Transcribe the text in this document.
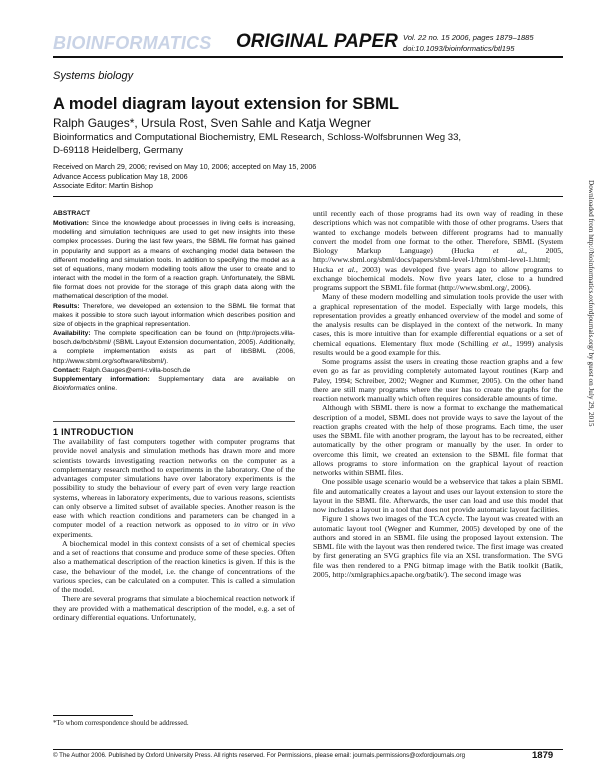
BIOINFORMATICS ORIGINAL PAPER Vol. 22 no. 15 2006, pages 1879–1885
doi:10.1093/bioinformatics/btl195
Systems biology
A model diagram layout extension for SBML
Ralph Gauges*, Ursula Rost, Sven Sahle and Katja Wegner
Bioinformatics and Computational Biochemistry, EML Research, Schloss-Wolfsbrunnen Weg 33,
D-69118 Heidelberg, Germany
Received on March 29, 2006; revised on May 10, 2006; accepted on May 15, 2006
Advance Access publication May 18, 2006
Associate Editor: Martin Bishop

ABSTRACT

Motivation: Since the knowledge about processes in living cells is increasing, modelling and simulation techniques are used to get new insights into these complex processes. During the last few years, the SBML file format has gained in popularity and support as a means of exchanging model data between the different modelling and simulation tools. In addition to specifying the model as a set of equations, many modern modelling tools allow the user to create and to interact with the model in the form of a reaction graph. Unfortunately, the SBML file format does not provide for the storage of this graph data along with the mathematical description of the model.

Results: Therefore, we developed an extension to the SBML file format that makes it possible to store such layout information which describes position and size of objects in the graphical representation.

Availability: The complete specification can be found on (http://projects.villa-bosch.de/bcb/sbml/ (SBML Layout Extension documentation, 2005). Additionally, a complete implementation exists as part of libSBML (2006, http://www.sbml.org/software/libsbml/).

Contact: Ralph.Gauges@eml-r.villa-bosch.de

Supplementary information: Supplementary data are available on Bioinformatics online.

1 INTRODUCTION

The availability of fast computers together with computer programs that provide novel analysis and simulation methods has drawn more and more scientists towards investigating reaction networks on the computer as a complementary research method to experiments in the laboratory. One of the advantages computer simulations have over laboratory experiments is the possibility to study the behaviour of every part of even very large reaction systems, whereas in laboratory experiments, due to various reasons, scientists can only observe a limited subset of available species. Another reason is the ease with which reaction conditions and parameters can be changed in a computer model of a reaction network as opposed to in vitro or in vivo experiments.

A biochemical model in this context consists of a set of chemical species and a set of reactions that consume and produce some of these species. Often also a mathematical description of the reaction kinetics is given. If this is the case, the behaviour of the model, i.e. the change of concentrations of the various species, can be calculated on a computer. This is called a simulation of the model.

There are several programs that simulate a biochemical reaction network if they are provided with a mathematical description of the model, e.g. a set of ordinary differential equations. Unfortunately,

*To whom correspondence should be addressed.

until recently each of those programs had its own way of reading in these descriptions which was not compatible with those of other programs. Users that wanted to exchange models between different programs had to manually convert the model from one format to the other. Therefore, SBML (System Biology Markup Language) (Hucka et al., 2005, http://www.sbml.org/sbml/docs/papers/sbml-level-1/html/sbml-level-1.html; Hucka et al., 2003) was developed five years ago to allow programs to exchange biochemical models. Now five years later, close to a hundred programs support the SBML file format (http://www.sbml.org/, 2006).

Many of these modern modelling and simulation tools provide the user with a graphical representation of the model. Especially with large models, this representation provides a greatly enhanced overview of the model and some of the analysis results can be displayed in the context of the network. In many cases, this is more intuitive than for example differential equations or a set of chemical equations. Elementary flux mode (Schilling et al., 1999) analysis results would be a good example for this.

Some programs assist the users in creating those reaction graphs and a few even go as far as providing completely automated layout routines (Karp and Paley, 1994; Schreiber, 2002; Wegner and Kummer, 2005). On the other hand there are still many programs where the user has to create the graphs for the reaction network manually which often requires considerable amounts of time.

Although with SBML there is now a format to exchange the mathematical description of a model, SBML does not provide ways to save the layout of the reaction graphs created with the help of those programs. Each time, the user uses the SBML file with another program, the layout has to be recreated, either automatically by the other program or manually by the user. In order to overcome this limit, we created an extension to the SBML file format that allows programs to store information on the graphical layout of reaction networks within SBML files.

One possible usage scenario would be a webservice that takes a plain SBML file and automatically creates a layout and uses our layout extension to store the layout in the SBML file. Afterwards, the user can load and use this model that now includes a layout in a tool that does not provide automatic layout facilities.

Figure 1 shows two images of the TCA cycle. The layout was created with an automatic layout tool (Wegner and Kummer, 2005) developed by one of the authors and stored in an SBML file using the proposed layout extension. The SBML file with the layout was then rendered twice. The first image was created by first generating an SVG graphics file via an XSL transformation. The SVG file was then rendered to a PNG bitmap image with the Batik toolkit (Batik, 2005, http://xmlgraphics.apache.org/batik/). The second image was

Downloaded from http://bioinformatics.oxfordjournals.org/ by guest on July 29, 2015
© The Author 2006. Published by Oxford University Press. All rights reserved. For Permissions, please email: journals.permissions@oxfordjournals.org	1879
